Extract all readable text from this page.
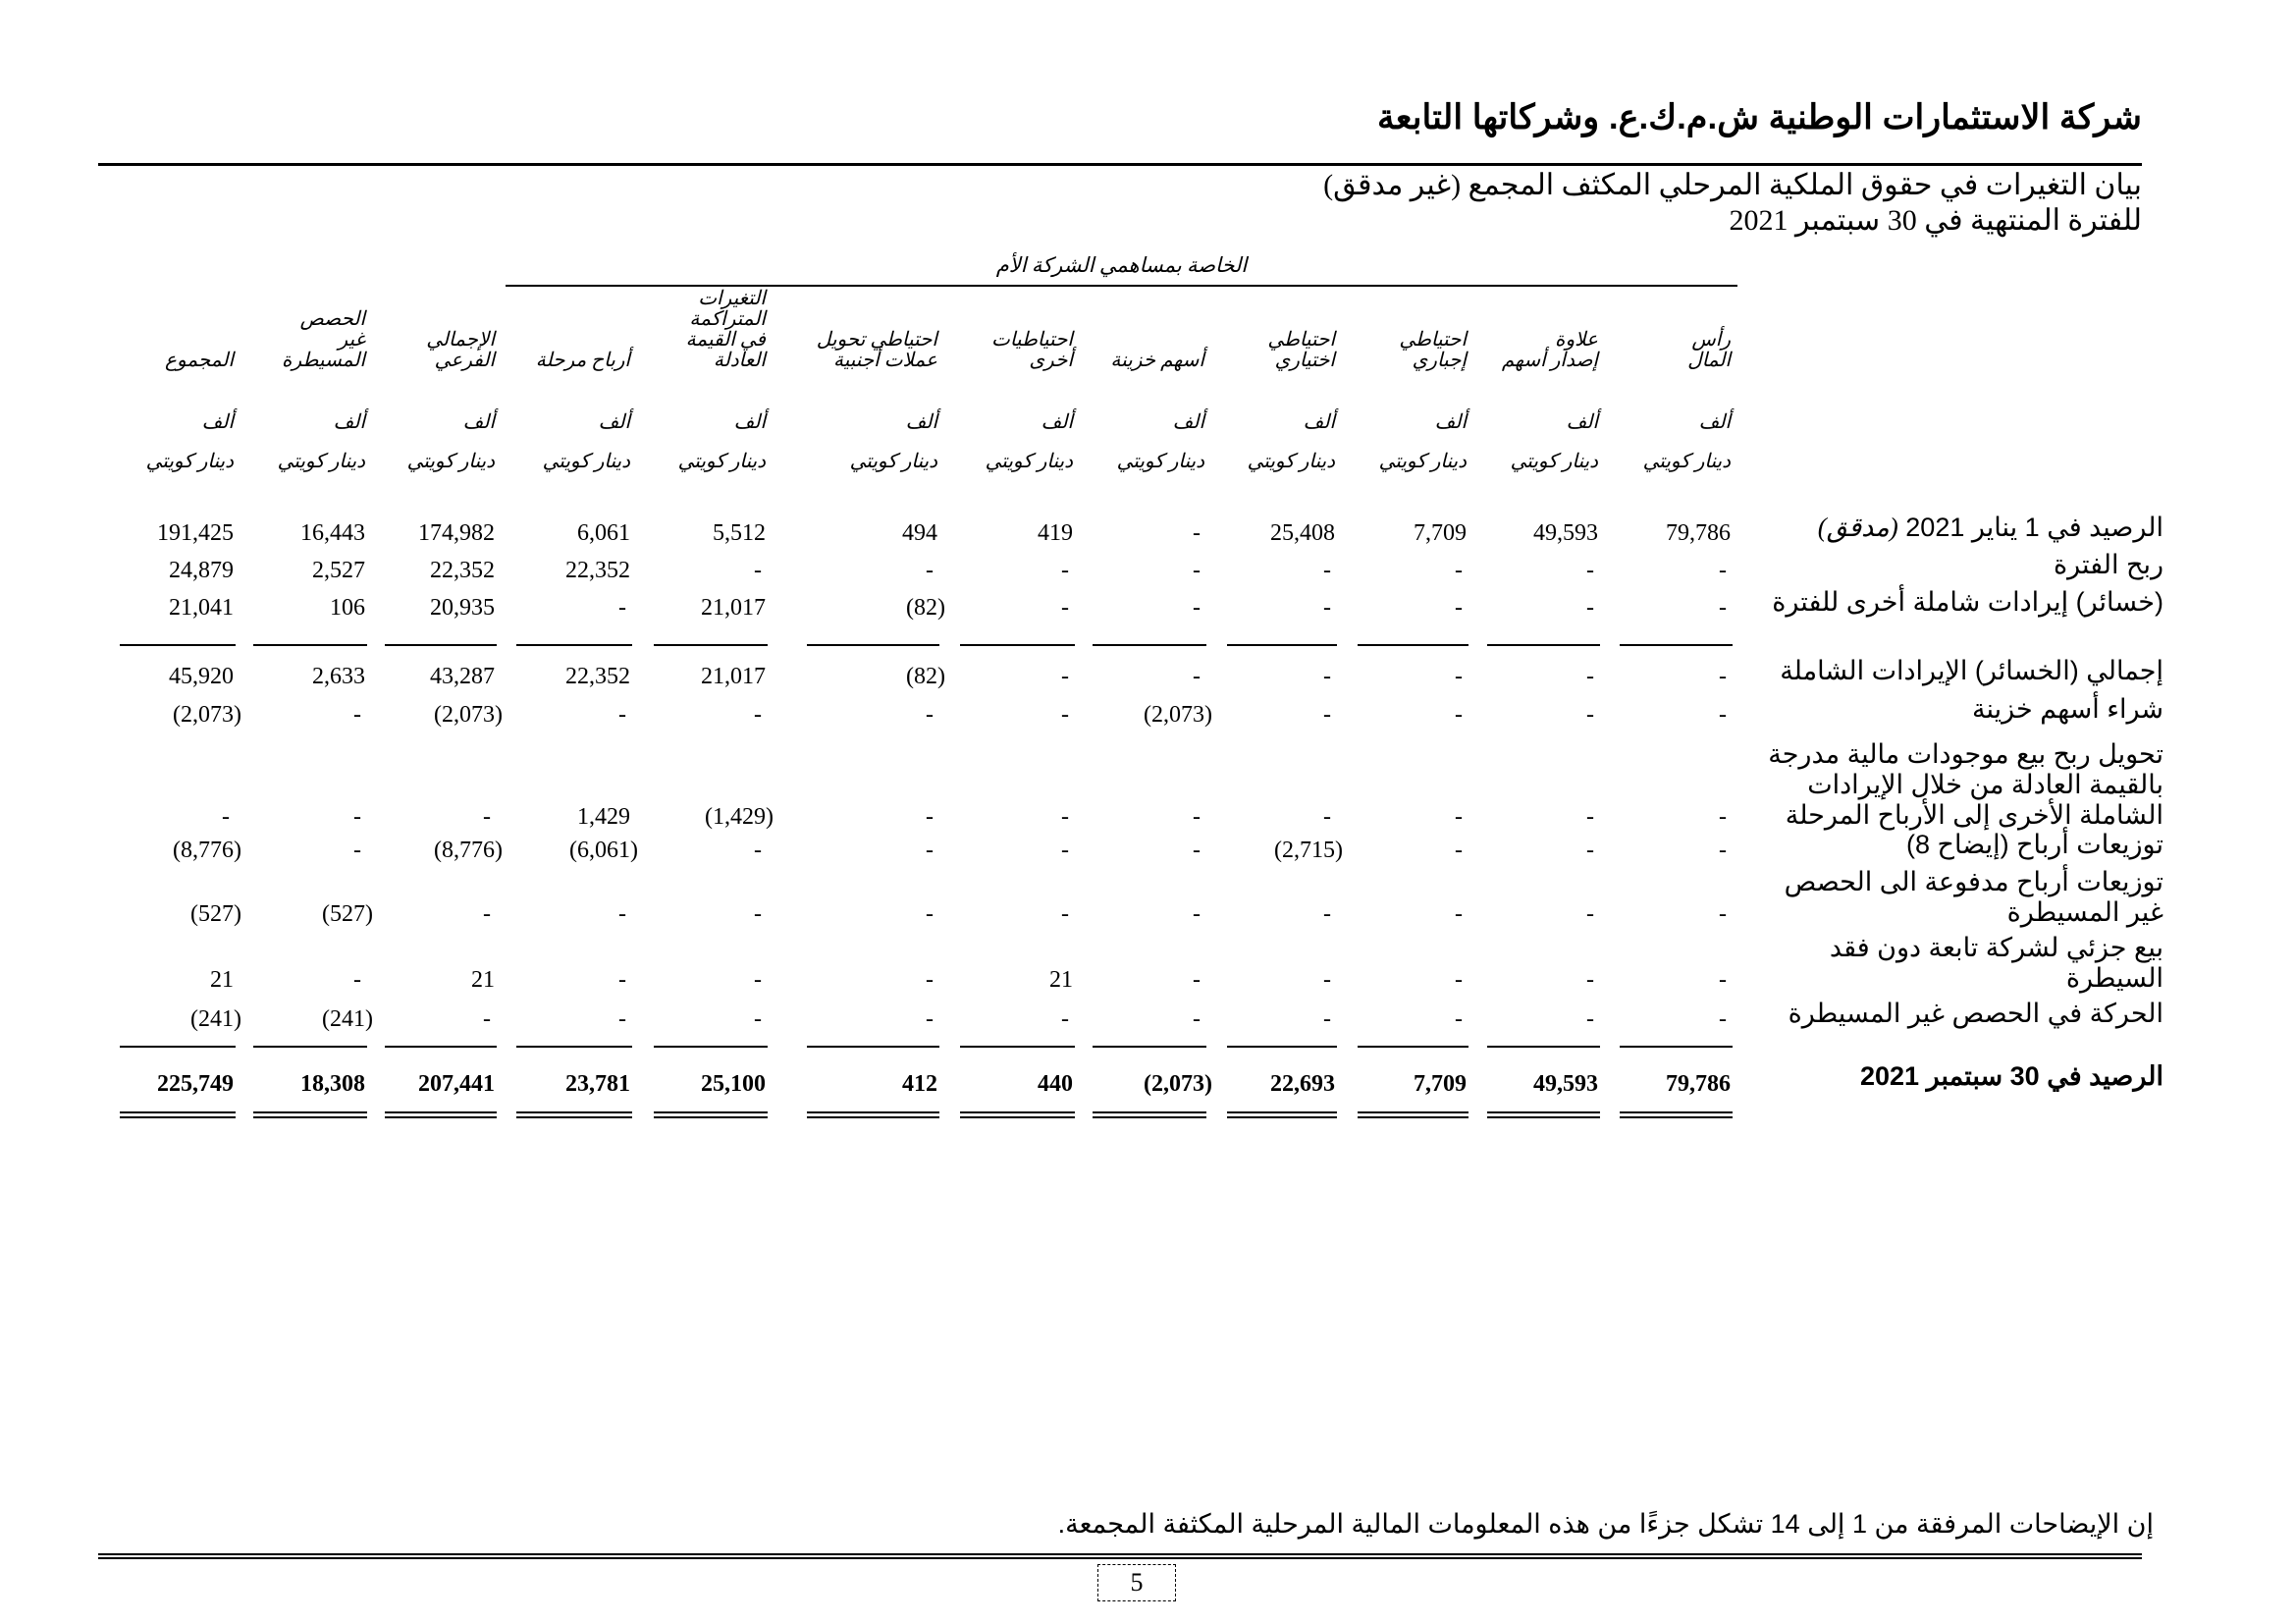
شركة الاستثمارات الوطنية ش.م.ك.ع. وشركاتها التابعة
بيان التغيرات في حقوق الملكية المرحلي المكثف المجمع (غير مدقق)
للفترة المنتهية في 30 سبتمبر 2021
الخاصة بمساهمي الشركة الأم
رأس
المال
ألف
دينار كويتي
علاوة
إصدار أسهم
ألف
دينار كويتي
احتياطي
إجباري
ألف
دينار كويتي
احتياطي
اختياري
ألف
دينار كويتي
أسهم خزينة
ألف
دينار كويتي
احتياطيات
أخرى
ألف
دينار كويتي
احتياطي تحويل
عملات أجنبية
ألف
دينار كويتي
التغيرات
المتراكمة
في القيمة
العادلة
ألف
دينار كويتي
أرباح مرحلة
ألف
دينار كويتي
الإجمالي
الفرعي
ألف
دينار كويتي
الحصص
غير
المسيطرة
ألف
دينار كويتي
المجموع
ألف
دينار كويتي
الرصيد في 1 يناير 2021 (مدقق)
79,786
49,593
7,709
25,408
-
419
494
5,512
6,061
174,982
16,443
191,425
ربح الفترة
-
-
-
-
-
-
-
-
22,352
22,352
2,527
24,879
(خسائر) إيرادات شاملة أخرى للفترة
-
-
-
-
-
-
(82)
21,017
-
20,935
106
21,041
إجمالي (الخسائر) الإيرادات الشاملة
-
-
-
-
-
-
(82)
21,017
22,352
43,287
2,633
45,920
شراء أسهم خزينة
-
-
-
-
(2,073)
-
-
-
-
(2,073)
-
(2,073)
تحويل ربح بيع موجودات مالية مدرجة
بالقيمة العادلة من خلال الإيرادات
الشاملة الأخرى إلى الأرباح المرحلة
-
-
-
-
-
-
-
(1,429)
1,429
-
-
-
توزيعات أرباح (إيضاح 8)
-
-
-
(2,715)
-
-
-
-
(6,061)
(8,776)
-
(8,776)
توزيعات أرباح مدفوعة الى الحصص
غير المسيطرة
-
-
-
-
-
-
-
-
-
-
(527)
(527)
بيع جزئي لشركة تابعة دون فقد
السيطرة
-
-
-
-
-
21
-
-
-
21
-
21
الحركة في الحصص غير المسيطرة
-
-
-
-
-
-
-
-
-
-
(241)
(241)
الرصيد في 30 سبتمبر 2021
79,786
49,593
7,709
22,693
(2,073)
440
412
25,100
23,781
207,441
18,308
225,749
إن الإيضاحات المرفقة من 1 إلى 14 تشكل جزءًا من هذه المعلومات المالية المرحلية المكثفة المجمعة.
5
